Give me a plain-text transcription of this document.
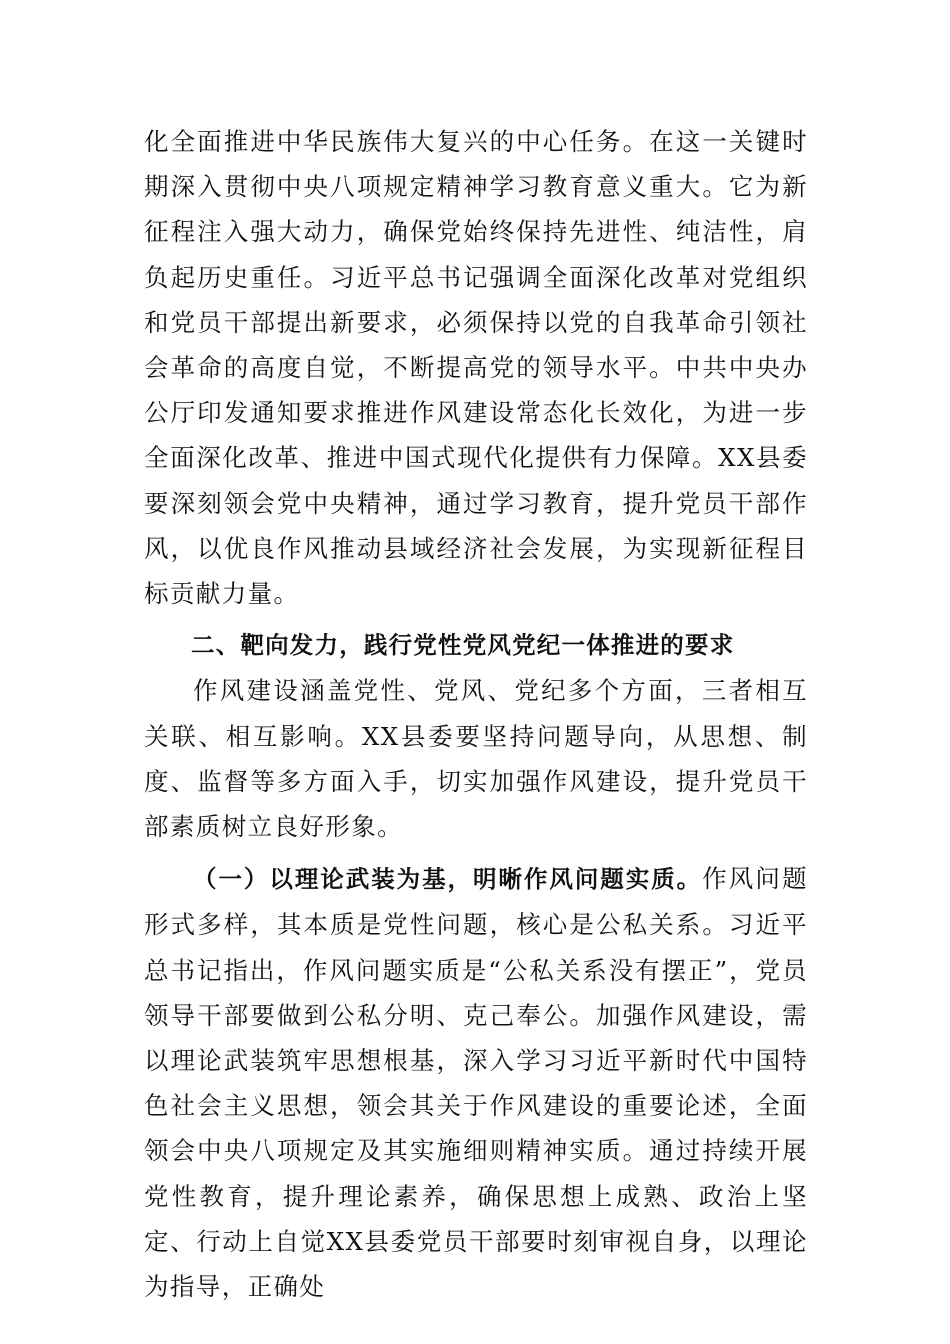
化全面推进中华民族伟大复兴的中心任务。在这一关键时期深入贯彻中央八项规定精神学习教育意义重大。它为新征程注入强大动力，确保党始终保持先进性、纯洁性，肩负起历史重任。习近平总书记强调全面深化改革对党组织和党员干部提出新要求，必须保持以党的自我革命引领社会革命的高度自觉，不断提高党的领导水平。中共中央办公厅印发通知要求推进作风建设常态化长效化，为进一步全面深化改革、推进中国式现代化提供有力保障。XX县委要深刻领会党中央精神，通过学习教育，提升党员干部作风，以优良作风推动县域经济社会发展，为实现新征程目标贡献力量。

二、靶向发力，践行党性党风党纪一体推进的要求

作风建设涵盖党性、党风、党纪多个方面，三者相互关联、相互影响。XX县委要坚持问题导向，从思想、制度、监督等多方面入手，切实加强作风建设，提升党员干部素质树立良好形象。

（一）以理论武装为基，明晰作风问题实质。作风问题形式多样，其本质是党性问题，核心是公私关系。习近平总书记指出，作风问题实质是“公私关系没有摆正”，党员领导干部要做到公私分明、克己奉公。加强作风建设，需以理论武装筑牢思想根基，深入学习习近平新时代中国特色社会主义思想，领会其关于作风建设的重要论述，全面领会中央八项规定及其实施细则精神实质。通过持续开展党性教育，提升理论素养，确保思想上成熟、政治上坚定、行动上自觉XX县委党员干部要时刻审视自身，以理论为指导，正确处
